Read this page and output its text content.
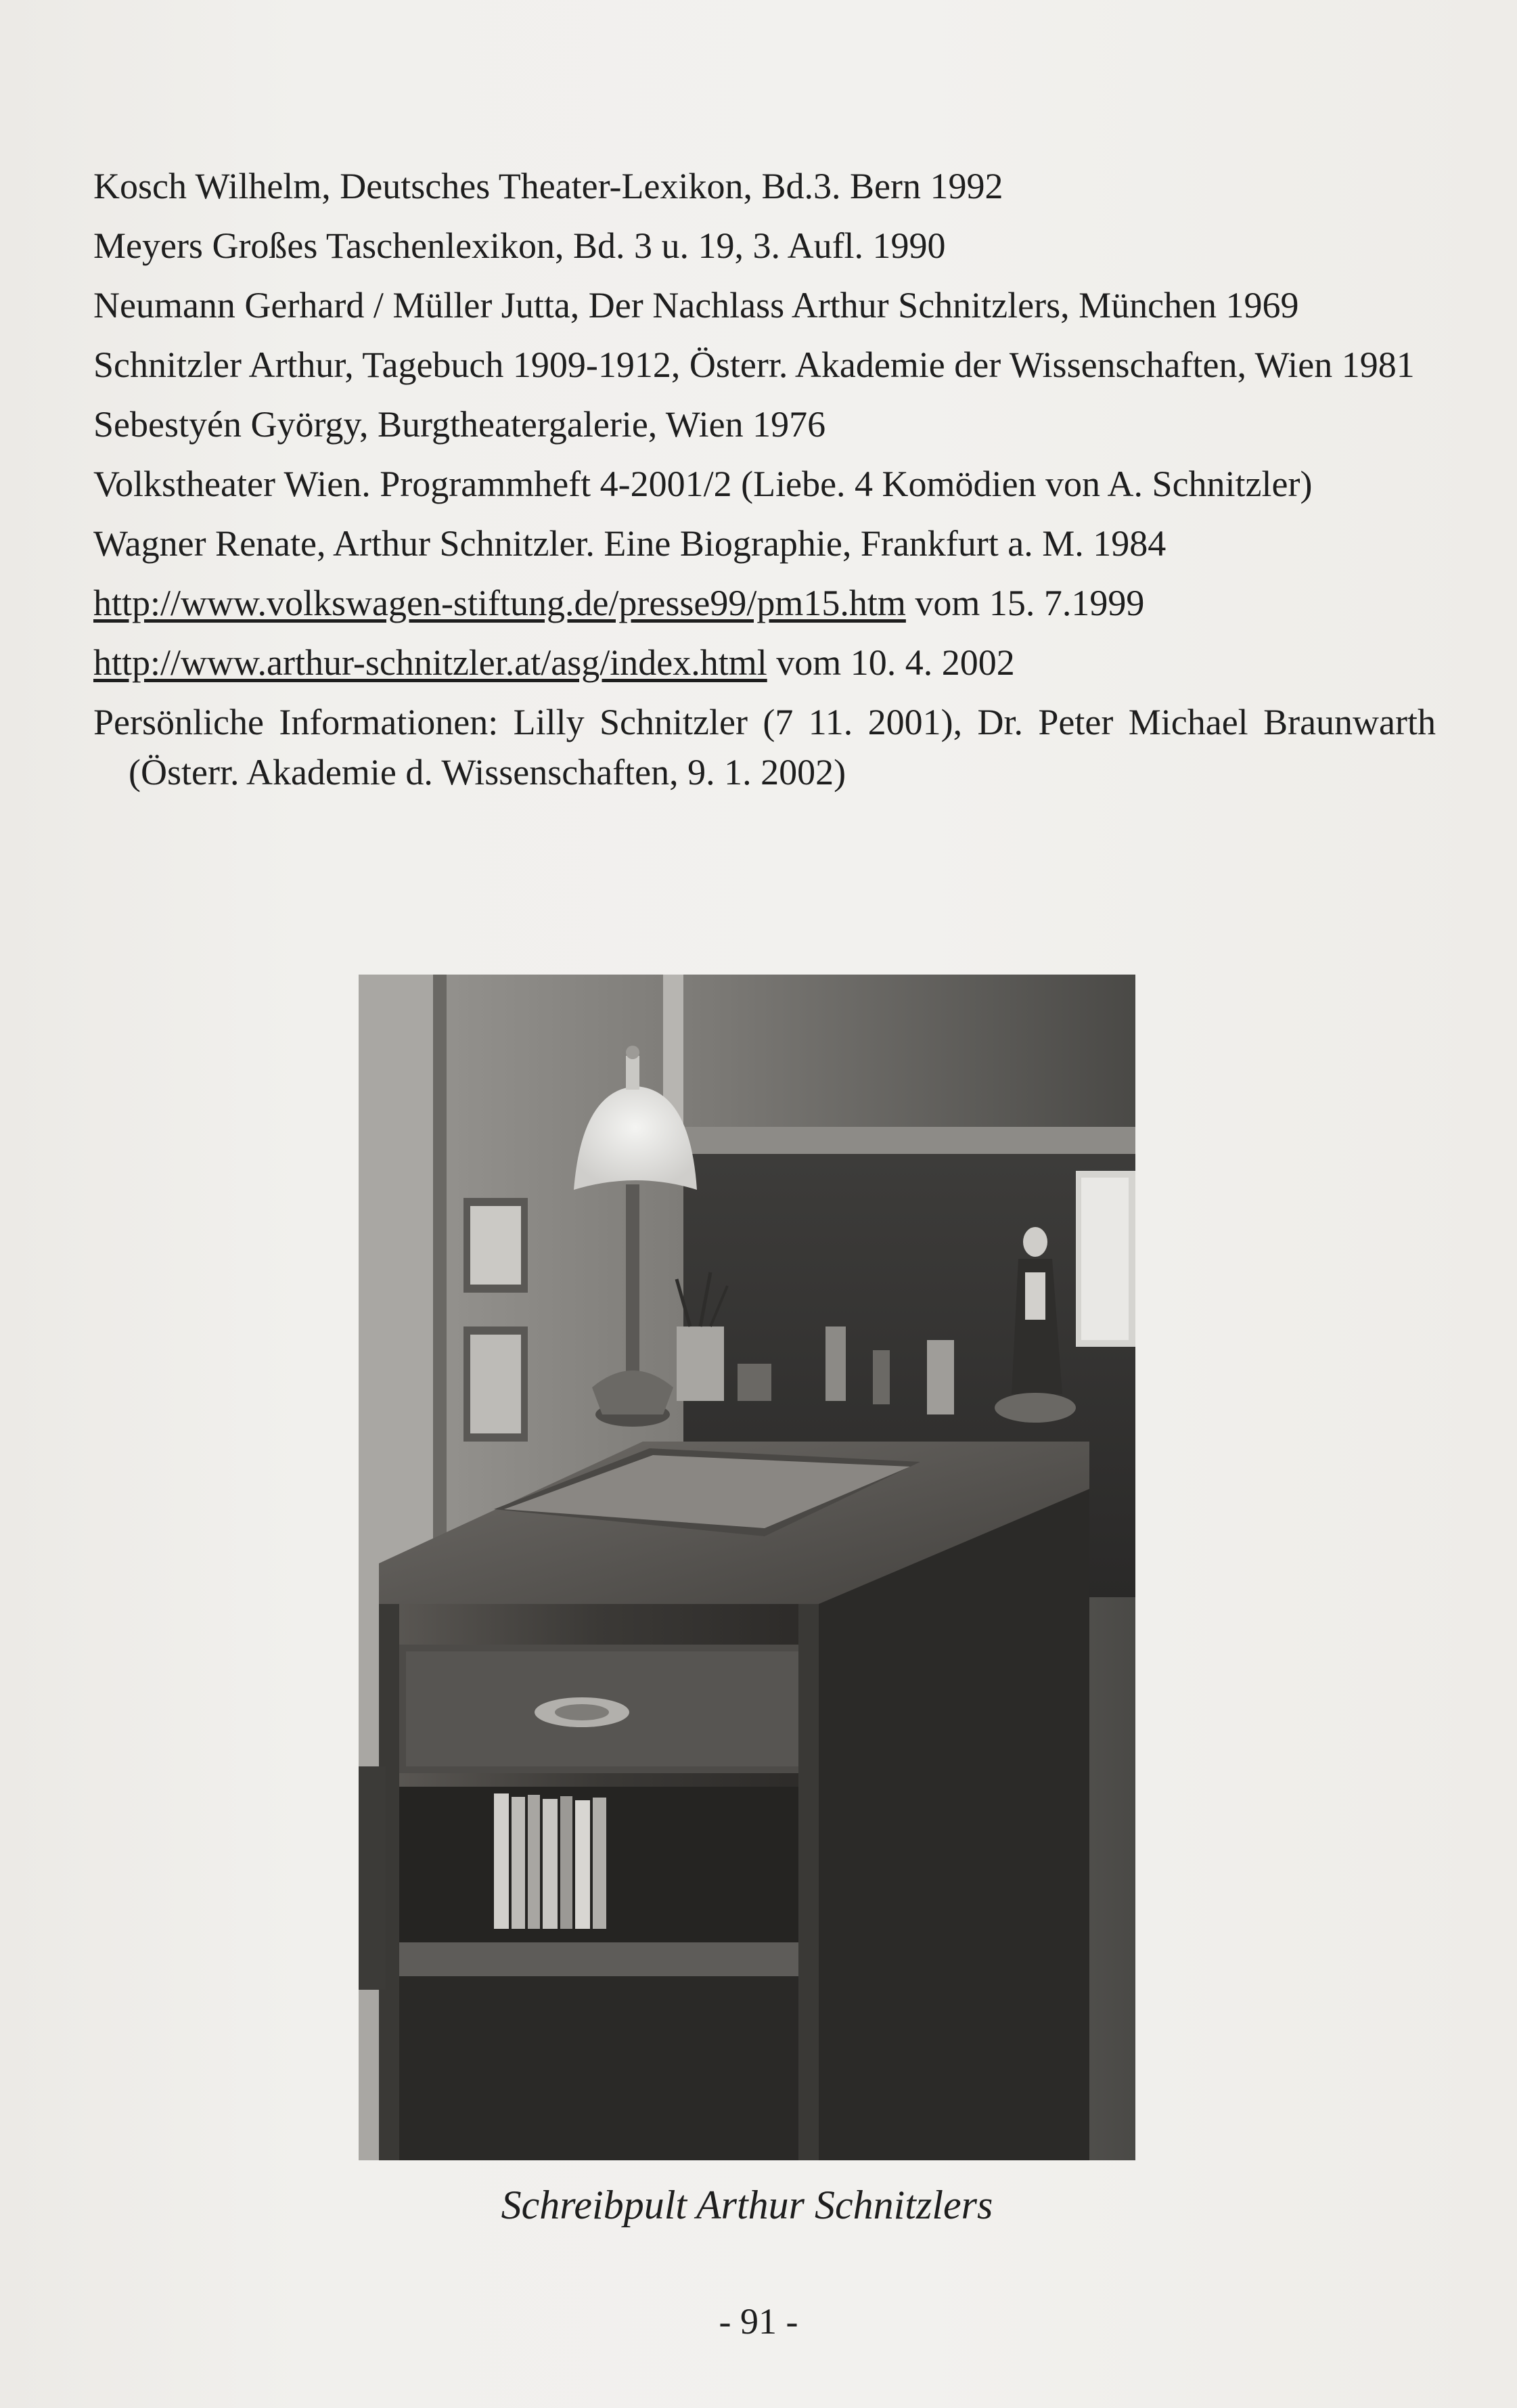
Kosch Wilhelm, Deutsches Theater-Lexikon, Bd.3. Bern 1992
Meyers Großes Taschenlexikon, Bd. 3 u. 19, 3. Aufl. 1990
Neumann Gerhard / Müller Jutta, Der Nachlass Arthur Schnitzlers, München 1969
Schnitzler Arthur, Tagebuch 1909-1912, Österr. Akademie der Wissenschaften, Wien 1981
Sebestyén György, Burgtheatergalerie, Wien 1976
Volkstheater Wien. Programmheft 4-2001/2 (Liebe. 4 Komödien von A. Schnitzler)
Wagner Renate, Arthur Schnitzler. Eine Biographie, Frankfurt a. M. 1984
http://www.volkswagen-stiftung.de/presse99/pm15.htm vom 15. 7.1999
http://www.arthur-schnitzler.at/asg/index.html vom 10. 4. 2002
Persönliche Informationen: Lilly Schnitzler (7 11. 2001), Dr. Peter Michael Braunwarth (Österr. Akademie d. Wissenschaften, 9. 1. 2002)
Schreibpult Arthur Schnitzlers
- 91 -
